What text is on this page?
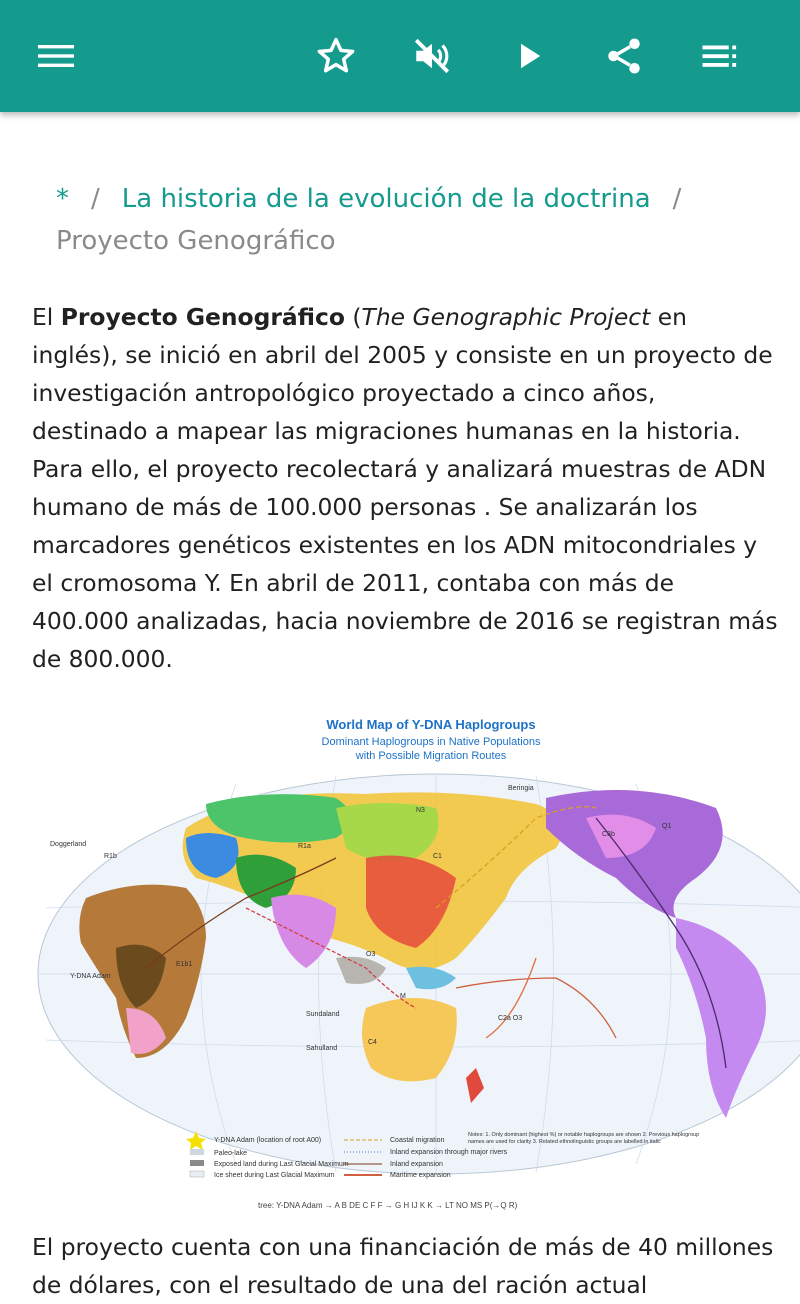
* / La historia de la evolución de la doctrina /
Proyecto Genográfico

El Proyecto Genográfico (The Genographic Project en inglés), se inició en abril del 2005 y consiste en un proyecto de investigación antropológico proyectado a cinco años, destinado a mapear las migraciones humanas en la historia. Para ello, el proyecto recolectará y analizará muestras de ADN humano de más de 100.000 personas . Se analizarán los marcadores genéticos existentes en los ADN mitocondriales y el cromosoma Y. En abril de 2011, contaba con más de 400.000 analizadas, hacia noviembre de 2016 se registran más de 800.000.

World Map of Y-DNA Haplogroups
Dominant Haplogroups in Native Populations
with Possible Migration Routes
Beringia
Doggerland
Sundaland
Sahulland
Y-DNA Adam
N3
Q1
C3b
R1a
R1b
O3
C4
E1b1
C1
M
C2a O3
Y-DNA Adam (location of root A00)
Paleo-lake
Exposed land during Last Glacial Maximum
Ice sheet during Last Glacial Maximum
Coastal migration
Inland expansion through major rivers
Inland expansion
Maritime expansion
Notes: 1. Only dominant (highest %) or notable haplogroups are shown 2. Previous haplogroup names are used for clarity 3. Related ethnolinguistic groups are labelled in italic
tree: Y-DNA Adam → A B DE C F F → G H IJ K K → LT NO MS P(→Q R)

El proyecto cuenta con una financiación de más de 40 millones de dólares, con el resultado de una del ración actual
